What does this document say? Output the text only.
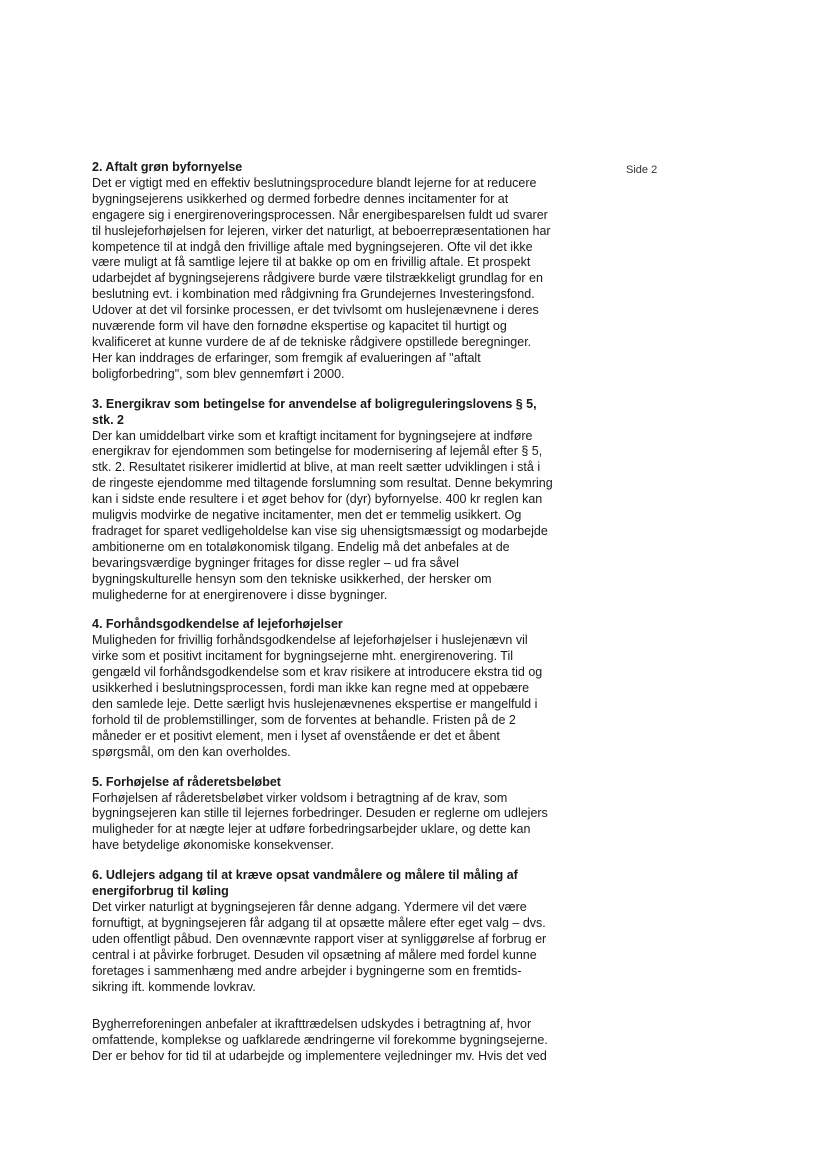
Side 2
2. Aftalt grøn byfornyelse

Det er vigtigt med en effektiv beslutningsprocedure blandt lejerne for at reducere
bygningsejerens usikkerhed og dermed forbedre dennes incitamenter for at
engagere sig i energirenoveringsprocessen. Når energibesparelsen fuldt ud svarer
til huslejeforhøjelsen for lejeren, virker det naturligt, at beboerrepræsentationen har
kompetence til at indgå den frivillige aftale med bygningsejeren. Ofte vil det ikke
være muligt at få samtlige lejere til at bakke op om en frivillig aftale. Et prospekt
udarbejdet af bygningsejerens rådgivere burde være tilstrækkeligt grundlag for en
beslutning evt. i kombination med rådgivning fra Grundejernes Investeringsfond.
Udover at det vil forsinke processen, er det tvivlsomt om huslejenævnene i deres
nuværende form vil have den fornødne ekspertise og kapacitet til hurtigt og
kvalificeret at kunne vurdere de af de tekniske rådgivere opstillede beregninger.
Her kan inddrages de erfaringer, som fremgik af evalueringen af "aftalt
boligforbedring", som blev gennemført i 2000.

3. Energikrav som betingelse for anvendelse af boligreguleringslovens § 5,
stk. 2

Der kan umiddelbart virke som et kraftigt incitament for bygningsejere at indføre
energikrav for ejendommen som betingelse for modernisering af lejemål efter § 5,
stk. 2. Resultatet risikerer imidlertid at blive, at man reelt sætter udviklingen i stå i
de ringeste ejendomme med tiltagende forslumning som resultat. Denne bekymring
kan i sidste ende resultere i et øget behov for (dyr) byfornyelse. 400 kr reglen kan
muligvis modvirke de negative incitamenter, men det er temmelig usikkert. Og
fradraget for sparet vedligeholdelse kan vise sig uhensigtsmæssigt og modarbejde
ambitionerne om en totaløkonomisk tilgang. Endelig må det anbefales at de
bevaringsværdige bygninger fritages for disse regler – ud fra såvel
bygningskulturelle hensyn som den tekniske usikkerhed, der hersker om
mulighederne for at energirenovere i disse bygninger.

4. Forhåndsgodkendelse af lejeforhøjelser

Muligheden for frivillig forhåndsgodkendelse af lejeforhøjelser i huslejenævn vil
virke som et positivt incitament for bygningsejerne mht. energirenovering. Til
gengæld vil forhåndsgodkendelse som et krav risikere at introducere ekstra tid og
usikkerhed i beslutningsprocessen, fordi man ikke kan regne med at oppebære
den samlede leje. Dette særligt hvis huslejenævnenes ekspertise er mangelfuld i
forhold til de problemstillinger, som de forventes at behandle. Fristen på de 2
måneder er et positivt element, men i lyset af ovenstående er det et åbent
spørgsmål, om den kan overholdes.

5. Forhøjelse af råderetsbeløbet

Forhøjelsen af råderetsbeløbet virker voldsom i betragtning af de krav, som
bygningsejeren kan stille til lejernes forbedringer. Desuden er reglerne om udlejers
muligheder for at nægte lejer at udføre forbedringsarbejder uklare, og dette kan
have betydelige økonomiske konsekvenser.

6. Udlejers adgang til at kræve opsat vandmålere og målere til måling af
energiforbrug til køling

Det virker naturligt at bygningsejeren får denne adgang. Ydermere vil det være
fornuftigt, at bygningsejeren får adgang til at opsætte målere efter eget valg – dvs.
uden offentligt påbud. Den ovennævnte rapport viser at synliggørelse af forbrug er
central i at påvirke forbruget. Desuden vil opsætning af målere med fordel kunne
foretages i sammenhæng med andre arbejder i bygningerne som en fremtids-
sikring ift. kommende lovkrav.

Bygherreforeningen anbefaler at ikrafttrædelsen udskydes i betragtning af, hvor
omfattende, komplekse og uafklarede ændringerne vil forekomme bygningsejerne.
Der er behov for tid til at udarbejde og implementere vejledninger mv. Hvis det ved
